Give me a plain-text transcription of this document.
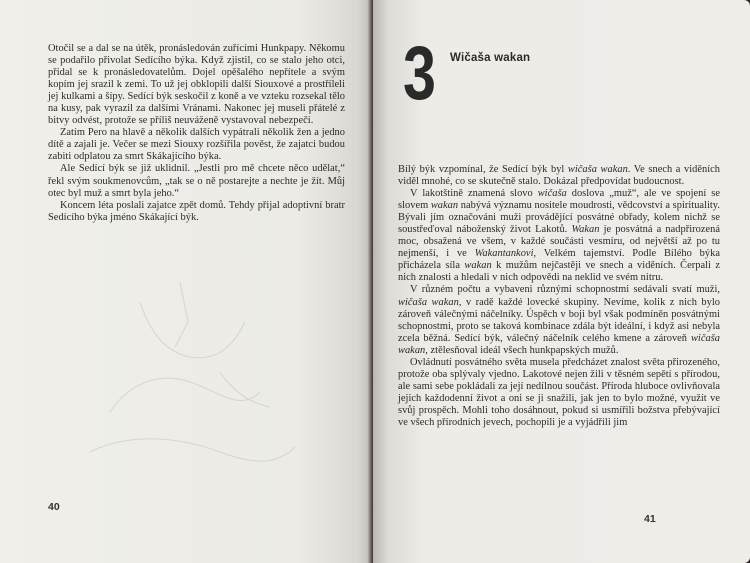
Otočil se a dal se na útěk, pronásledován zuřícími Hunkpapy. Někomu se podařilo přivolat Sedícího býka. Když zjistil, co se stalo jeho otci, přidal se k pronásledovatelům. Dojel opěšalého nepřítele a svým kopím jej srazil k zemi. To už jej obklopili další Siouxové a prostříleli jej kulkami a šípy. Sedící býk seskočil z koně a ve vzteku rozsekal tělo na kusy, pak vyrazil za dalšími Vránami. Nakonec jej museli přátelé z bitvy odvést, protože se příliš neuváženě vystavoval nebezpečí.

Zatím Pero na hlavě a několik dalších vypátrali několik žen a jedno dítě a zajali je. Večer se mezi Siouxy rozšířila pověst, že zajatci budou zabiti odplatou za smrt Skákajícího býka.

Ale Sedící býk se již uklidnil. „Jestli pro mě chcete něco udělat,“ řekl svým soukmenovcům, „tak se o ně postarejte a nechte je žít. Můj otec byl muž a smrt byla jeho.“

Koncem léta poslali zajatce zpět domů. Tehdy přijal adoptivní bratr Sedícího býka jméno Skákající býk.

40
3 Wičaša wakan

Bílý býk vzpomínal, že Sedící býk byl wičaša wakan. Ve snech a viděních viděl mnohé, co se skutečně stalo. Dokázal předpovídat budoucnost.

V lakotštině znamená slovo wičaša doslova „muž“, ale ve spojení se slovem wakan nabývá významu nositele moudrosti, vědcovství a spirituality. Bývali jím označováni muži provádějící posvátné obřady, kolem nichž se soustřeďoval náboženský život Lakotů. Wakan je posvátná a nadpřirozená moc, obsažená ve všem, v každé součásti vesmíru, od největší až po tu nejmenší, i ve Wakantankovi, Velkém tajemství. Podle Bílého býka přicházela síla wakan k mužům nejčastěji ve snech a viděních. Čerpali z nich znalosti a hledali v nich odpovědi na neklid ve svém nitru.

V různém počtu a vybaveni různými schopnostmi sedávali svatí muži, wičaša wakan, v radě každé lovecké skupiny. Nevíme, kolik z nich bylo zároveň válečnými náčelníky. Úspěch v boji byl však podmíněn posvátnými schopnostmi, proto se taková kombinace zdála být ideální, i když asi nebyla zcela běžná. Sedící býk, válečný náčelník celého kmene a zároveň wičaša wakan, ztělesňoval ideál všech hunkpapských mužů.

Ovládnutí posvátného světa musela předcházet znalost světa přirozeného, protože oba splývaly vjedno. Lakotové nejen žili v těsném sepětí s přírodou, ale sami sebe pokládali za její nedílnou součást. Příroda hluboce ovlivňovala jejich každodenní život a oni se ji snažili, jak jen to bylo možné, využít ve svůj prospěch. Mohli toho dosáhnout, pokud si usmířili božstva přebývající ve všech přírodních jevech, pochopili je a vyjádřili jim

41
